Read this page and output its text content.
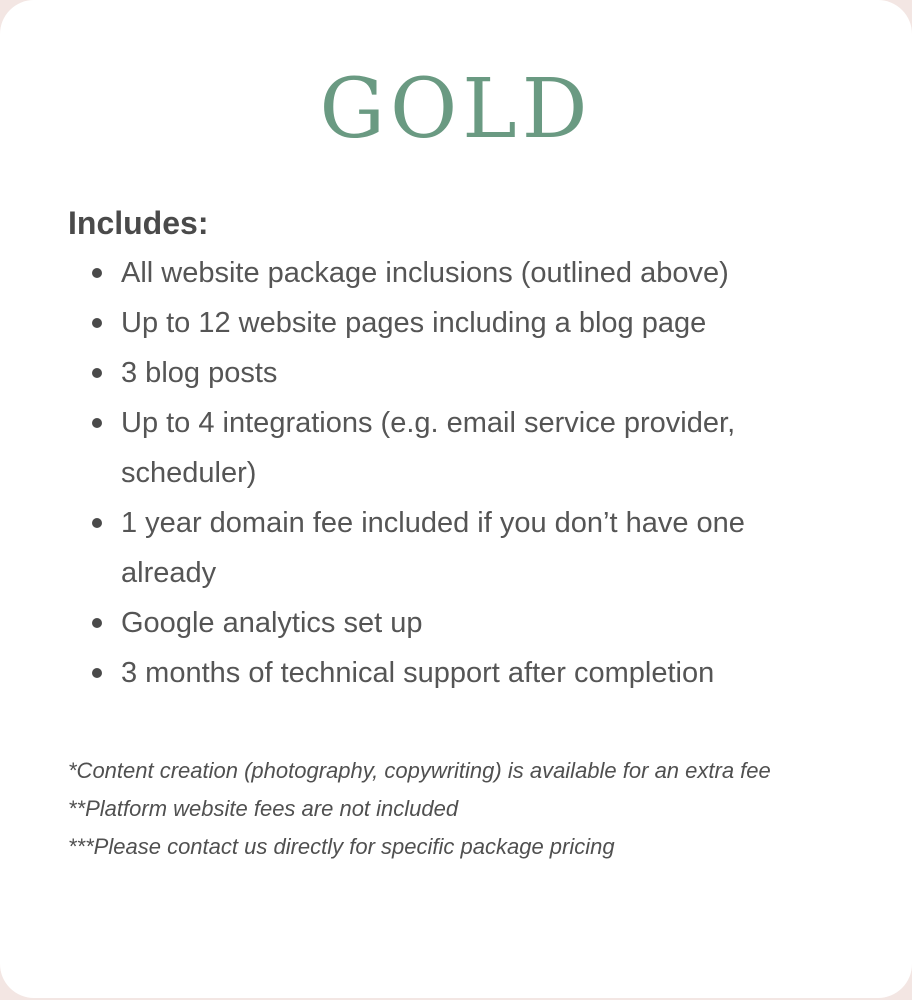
GOLD
Includes:
All website package inclusions (outlined above)
Up to 12 website pages including a blog page
3 blog posts
Up to 4 integrations (e.g. email service provider, scheduler)
1 year domain fee included if you don’t have one already
Google analytics set up
3 months of technical support after completion

*Content creation (photography, copywriting) is available for an extra fee

**Platform website fees are not included

***Please contact us directly for specific package pricing
